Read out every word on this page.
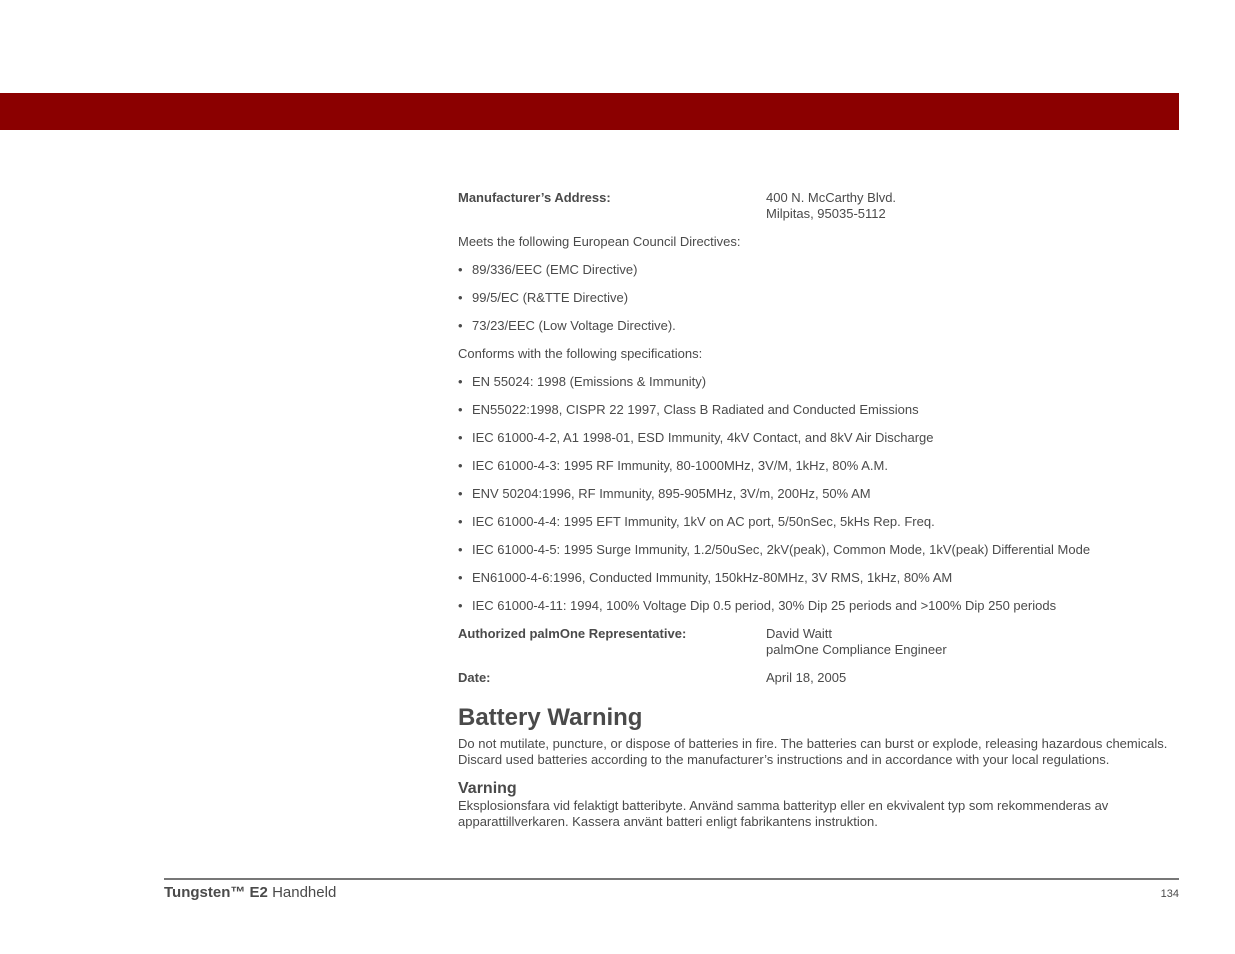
Manufacturer’s Address:	400 N. McCarthy Blvd.
Milpitas, 95035-5112

Meets the following European Council Directives:

• 89/336/EEC (EMC Directive)
• 99/5/EC (R&TTE Directive)
• 73/23/EEC (Low Voltage Directive).

Conforms with the following specifications:

• EN 55024: 1998 (Emissions & Immunity)
• EN55022:1998, CISPR 22 1997, Class B Radiated and Conducted Emissions
• IEC 61000-4-2, A1 1998-01, ESD Immunity, 4kV Contact, and 8kV Air Discharge
• IEC 61000-4-3: 1995 RF Immunity, 80-1000MHz, 3V/M, 1kHz, 80% A.M.
• ENV 50204:1996, RF Immunity, 895-905MHz, 3V/m, 200Hz, 50% AM
• IEC 61000-4-4: 1995 EFT Immunity, 1kV on AC port, 5/50nSec, 5kHs Rep. Freq.
• IEC 61000-4-5: 1995 Surge Immunity, 1.2/50uSec, 2kV(peak), Common Mode, 1kV(peak) Differential Mode
• EN61000-4-6:1996, Conducted Immunity, 150kHz-80MHz, 3V RMS, 1kHz, 80% AM
• IEC 61000-4-11: 1994, 100% Voltage Dip 0.5 period, 30% Dip 25 periods and >100% Dip 250 periods
Authorized palmOne Representative:	David Waitt
palmOne Compliance Engineer
Date:	April 18, 2005
Battery Warning

Do not mutilate, puncture, or dispose of batteries in fire. The batteries can burst or explode, releasing hazardous chemicals. Discard used batteries according to the manufacturer’s instructions and in accordance with your local regulations.

Varning

Eksplosionsfara vid felaktigt batteribyte. Använd samma batterityp eller en ekvivalent typ som rekommenderas av apparattillverkaren. Kassera använt batteri enligt fabrikantens instruktion.

Tungsten™ E2 Handheld	134
